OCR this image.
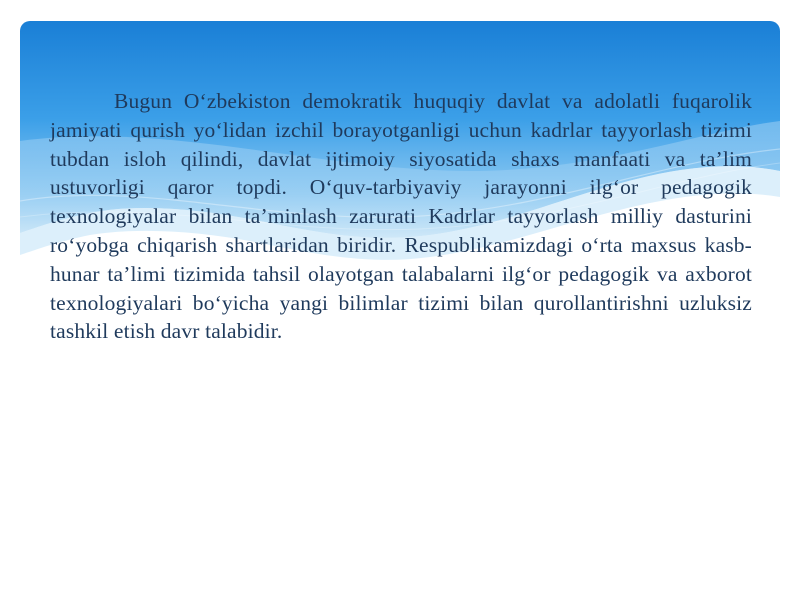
Bugun O‘zbekiston demokratik huquqiy davlat va adolatli fuqarolik jamiyati qurish yo‘lidan izchil borayotganligi uchun kadrlar tayyorlash tizimi tubdan isloh qilindi, davlat ijtimoiy siyosatida shaxs manfaati va ta’lim ustuvorligi qaror topdi. O‘quv-tarbiyaviy jarayonni ilg‘or pedagogik texnologiyalar bilan ta’minlash zarurati Kadrlar tayyorlash milliy dasturini ro‘yobga chiqarish shartlaridan biridir. Respublikamizdagi o‘rta maxsus kasb-hunar ta’limi tizimida tahsil olayotgan talabalarni ilg‘or pedagogik va axborot texnologiyalari bo‘yicha yangi bilimlar tizimi bilan qurollantirishni uzluksiz tashkil etish davr talabidir.
